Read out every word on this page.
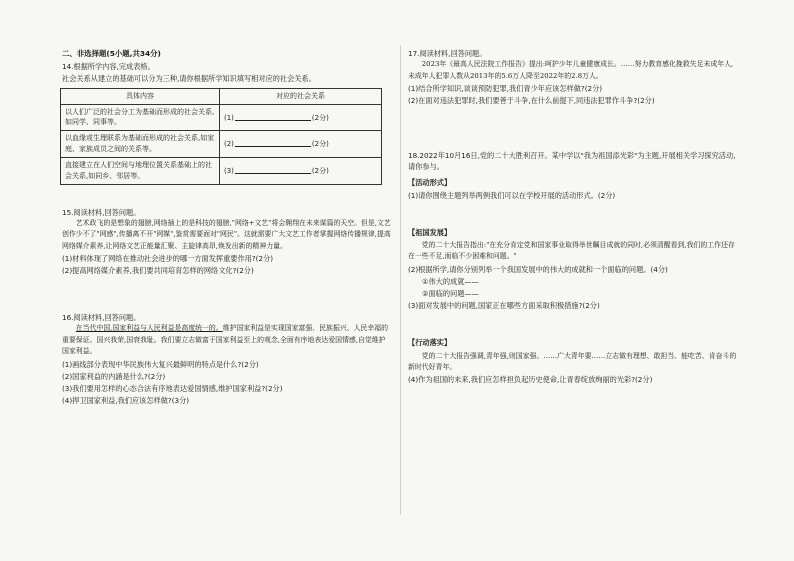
二、非选择题(5小题,共34分)

14.根据所学内容,完成表格。

社会关系从建立的基础可以分为三种,请你根据所学知识填写相对应的社会关系。

具体内容	对应的社会关系
以人们广泛的社会分工为基础而形成的社会关系,如同学、同事等。	(1) (2分)
以血缘或生理联系为基础而形成的社会关系,如家庭、家族成员之间的关系等。	(2) (2分)
直接建立在人们空间与地理位置关系基础上的社会关系,如同乡、邻居等。	(3) (2分)

15.阅读材料,回答问题。

艺术政飞的是想象的翅膀,网络插上的是科技的翅膀,"网络+文艺"将会翱翔在未来谋篇的天空。但是,文艺创作少不了"网感",传播离不开"网媒",鉴赏需要面对"网民"。这就需要广大文艺工作者掌握网络传播规律,提高网络媒介素养,让网络文艺正能量汇聚、主旋律高昂,焕发出新的精神力量。

(1)材料体现了网络在推动社会进步的哪一方面发挥重要作用?(2分)

(2)提高网络媒介素养,我们要共同培育怎样的网络文化?(2分)

16.阅读材料,回答问题。

在当代中国,国家利益与人民利益是高度统一的。维护国家利益是实现国家富强、民族振兴、人民幸福的重要保证。国兴我荣,国衰我耻。我们要立志做富于国家利益至上的观念,全面有序地表达爱国情感,自觉维护国家利益。

(1)画线部分表现中华民族伟大复兴最鲜明的特点是什么?(2分)

(2)国家利益的内涵是什么?(2分)

(3)我们要用怎样的心态合法有序地表达爱国情感,维护国家利益?(2分)

(4)捍卫国家利益,我们应该怎样做?(3分)

17.阅读材料,回答问题。

2023年《最高人民法院工作报告》提出:呵护少年儿童健康成长。……努力教育感化挽救失足未成年人,未成年人犯罪人数从2013年的5.6万人降至2022年的2.8万人。

(1)结合所学知识,谈谈预防犯罪,我们青少年应该怎样做?(2分)

(2)在面对违法犯罪时,我们要善于斗争,在什么前提下,同违法犯罪作斗争?(2分)

18.2022年10月16日,党的二十大胜利召开。某中学以"我为祖国添光彩"为主题,开展相关学习探究活动,请你参与。

【活动形式】

(1)请你围绕主题列举两例我们可以在学校开展的活动形式。(2分)

【祖国发展】

党的二十大报告指出:"在充分肯定党和国家事业取得举世瞩目成就的同时,必须清醒看到,我们的工作还存在一些不足,面临不少困难和问题。"

(2)根据所学,请你分别列举一个我国发展中的伟大的成就和一个面临的问题。(4分)

①伟大的成就——

②面临的问题——

(3)面对发展中的问题,国家正在哪些方面采取积极措施?(2分)

【行动落实】

党的二十大报告强调,青年强,则国家强。……广大青年要……立志做有理想、敢担当、能吃苦、肯奋斗的新时代好青年。

(4)作为祖国的未来,我们应怎样担负起历史使命,让青春绽放绚丽的光彩?(2分)
